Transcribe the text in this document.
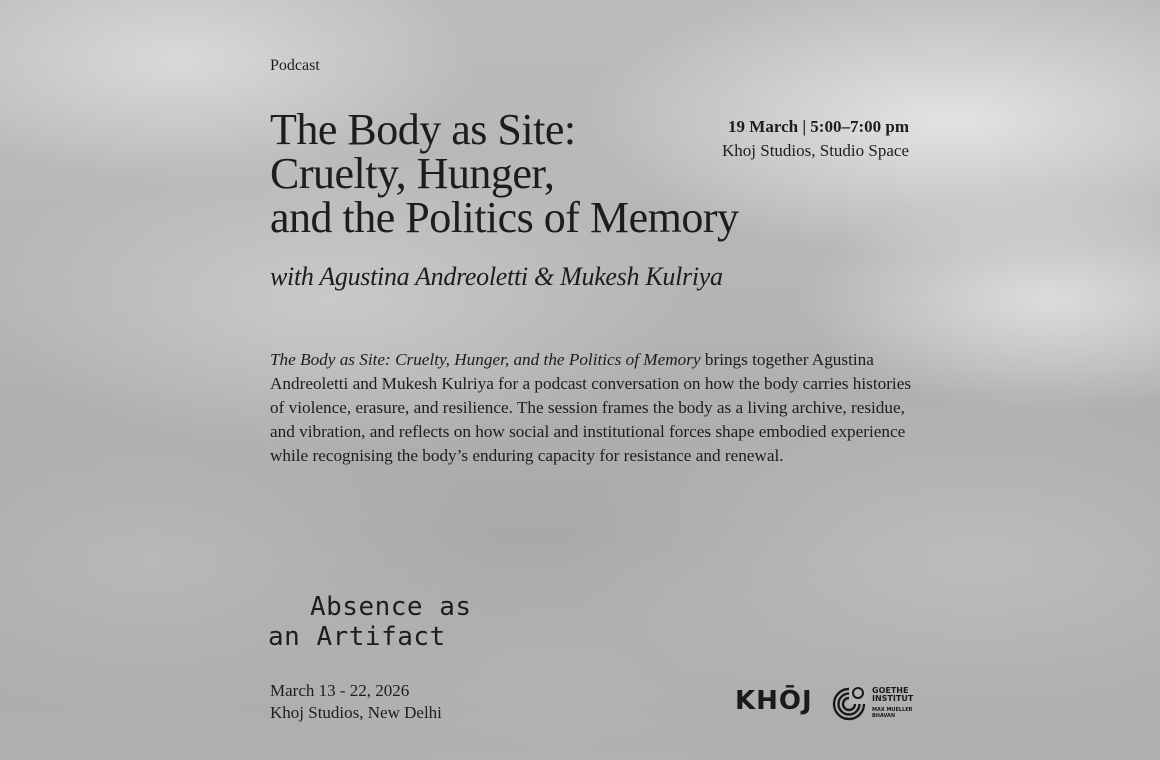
Podcast

The Body as Site:
Cruelty, Hunger,
and the Politics of Memory

with Agustina Andreoletti & Mukesh Kulriya

19 March | 5:00–7:00 pm
Khoj Studios, Studio Space

The Body as Site: Cruelty, Hunger, and the Politics of Memory brings together Agustina Andreoletti and Mukesh Kulriya for a podcast conversation on how the body carries histories of violence, erasure, and resilience. The session frames the body as a living archive, residue, and vibration, and reflects on how social and institutional forces shape embodied experience while recognising the body’s enduring capacity for resistance and renewal.

Absence as
an Artifact
March 13 - 22, 2026
Khoj Studios, New Delhi	KHŌJ	GOETHE
INSTITUT
MAX MUELLER
BHAVAN
